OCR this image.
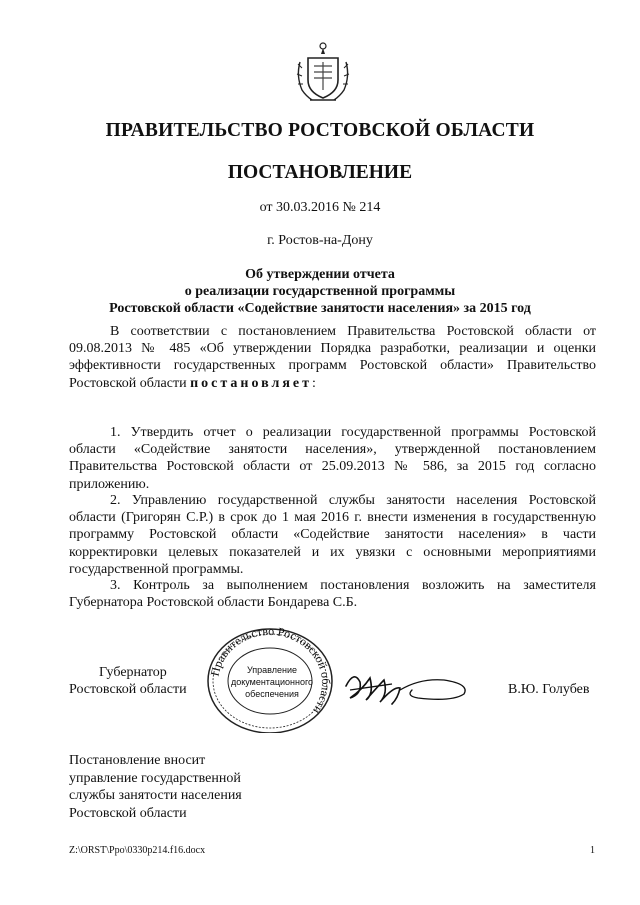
ПРАВИТЕЛЬСТВО РОСТОВСКОЙ ОБЛАСТИ
ПОСТАНОВЛЕНИЕ
от 30.03.2016 № 214
г. Ростов-на-Дону
Об утверждении отчета
о реализации государственной программы
Ростовской области «Содействие занятости населения» за 2015 год
В соответствии с постановлением Правительства Ростовской области от 09.08.2013 № 485 «Об утверждении Порядка разработки, реализации и оценки эффективности государственных программ Ростовской области» Правительство Ростовской области постановляет:
1. Утвердить отчет о реализации государственной программы Ростовской области «Содействие занятости населения», утвержденной постановлением Правительства Ростовской области от 25.09.2013 № 586, за 2015 год согласно приложению.
2. Управлению государственной службы занятости населения Ростовской области (Григорян С.Р.) в срок до 1 мая 2016 г. внести изменения в государственную программу Ростовской области «Содействие занятости населения» в части корректировки целевых показателей и их увязки с основными мероприятиями государственной программы.
3. Контроль за выполнением постановления возложить на заместителя Губернатора Ростовской области Бондарева С.Б.
Губернатор
Ростовской области
Правительство Ростовской области
Управление
документационного
обеспечения	В.Ю. Голубев
Постановление вносит
управление государственной
службы занятости населения
Ростовской области
Z:\ORST\Ppo\0330p214.f16.docx	1
